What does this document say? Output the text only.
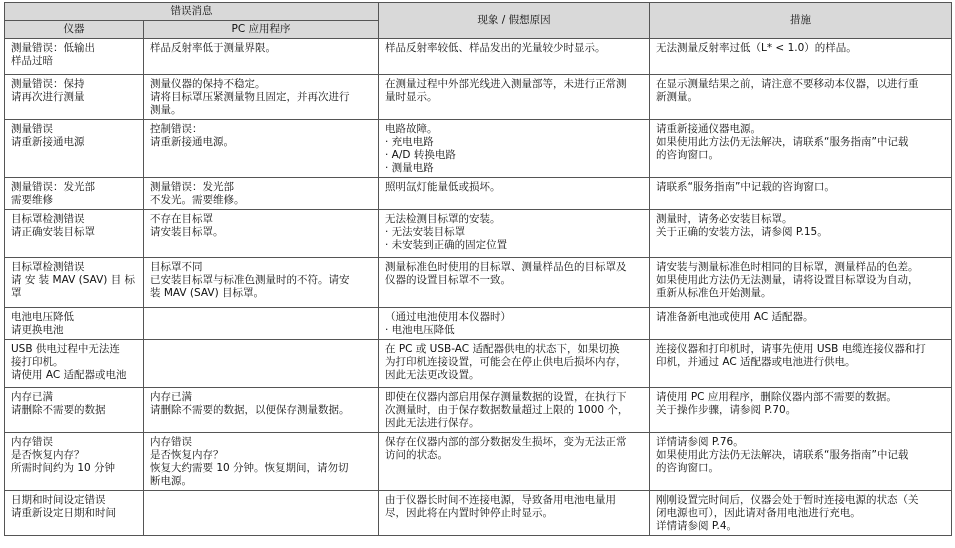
错误消息		现象 / 假想原因	措施
仪器	PC 应用程序		

测量错误：低输出
样品过暗	样品反射率低于测量界限。	样品反射率较低、样品发出的光量较少时显示。	无法测量反射率过低（L* < 1.0）的样品。

测量错误：保持
请再次进行测量	测量仪器的保持不稳定。
请将目标罩压紧测量物且固定，并再次进行
测量。	在测量过程中外部光线进入测量部等，未进行正常测
量时显示。	在显示测量结果之前，请注意不要移动本仪器，以进行重
新测量。

测量错误
请重新接通电源	控制错误：
请重新接通电源。	电路故障。
· 充电电路
· A/D 转换电路
· 测量电路	请重新接通仪器电源。
如果使用此方法仍无法解决，请联系“服务指南”中记载
的咨询窗口。

测量错误：发光部
需要维修	测量错误：发光部
不发光。需要维修。	照明氙灯能量低或损坏。	请联系“服务指南”中记载的咨询窗口。

目标罩检测错误
请正确安装目标罩	不存在目标罩
请安装目标罩。	无法检测目标罩的安装。
· 无法安装目标罩
· 未安装到正确的固定位置	测量时，请务必安装目标罩。
关于正确的安装方法，请参阅 P.15。

目标罩检测错误
请 安 装 MAV (SAV) 目 标
罩	目标罩不同
已安装目标罩与标准色测量时的不符。请安
装 MAV (SAV) 目标罩。	测量标准色时使用的目标罩、测量样品色的目标罩及
仪器的设置目标罩不一致。	请安装与测量标准色时相同的目标罩，测量样品的色差。
如果使用此方法仍无法测量，请将设置目标罩设为自动，
重新从标准色开始测量。

电池电压降低
请更换电池		（通过电池使用本仪器时）
· 电池电压降低	请准备新电池或使用 AC 适配器。

USB 供电过程中无法连
接打印机。
请使用 AC 适配器或电池		在 PC 或 USB-AC 适配器供电的状态下，如果切换
为打印机连接设置，可能会在停止供电后损坏内存，
因此无法更改设置。	连接仪器和打印机时，请事先使用 USB 电缆连接仪器和打
印机，并通过 AC 适配器或电池进行供电。

内存已满
请删除不需要的数据	内存已满
请删除不需要的数据，以便保存测量数据。	即使在仪器内部启用保存测量数据的设置，在执行下
次测量时，由于保存数据数量超过上限的 1000 个，
因此无法进行保存。	请使用 PC 应用程序，删除仪器内部不需要的数据。
关于操作步骤，请参阅 P.70。

内存错误
是否恢复内存？
所需时间约为 10 分钟	内存错误
是否恢复内存？
恢复大约需要 10 分钟。恢复期间，请勿切
断电源。	保存在仪器内部的部分数据发生损坏，变为无法正常
访问的状态。	详情请参阅 P.76。
如果使用此方法仍无法解决，请联系“服务指南”中记载
的咨询窗口。

日期和时间设定错误
请重新设定日期和时间		由于仪器长时间不连接电源，导致备用电池电量用
尽，因此将在内置时钟停止时显示。	刚刚设置完时间后，仪器会处于暂时连接电源的状态（关
闭电源也可），因此请对备用电池进行充电。
详情请参阅 P.4。
